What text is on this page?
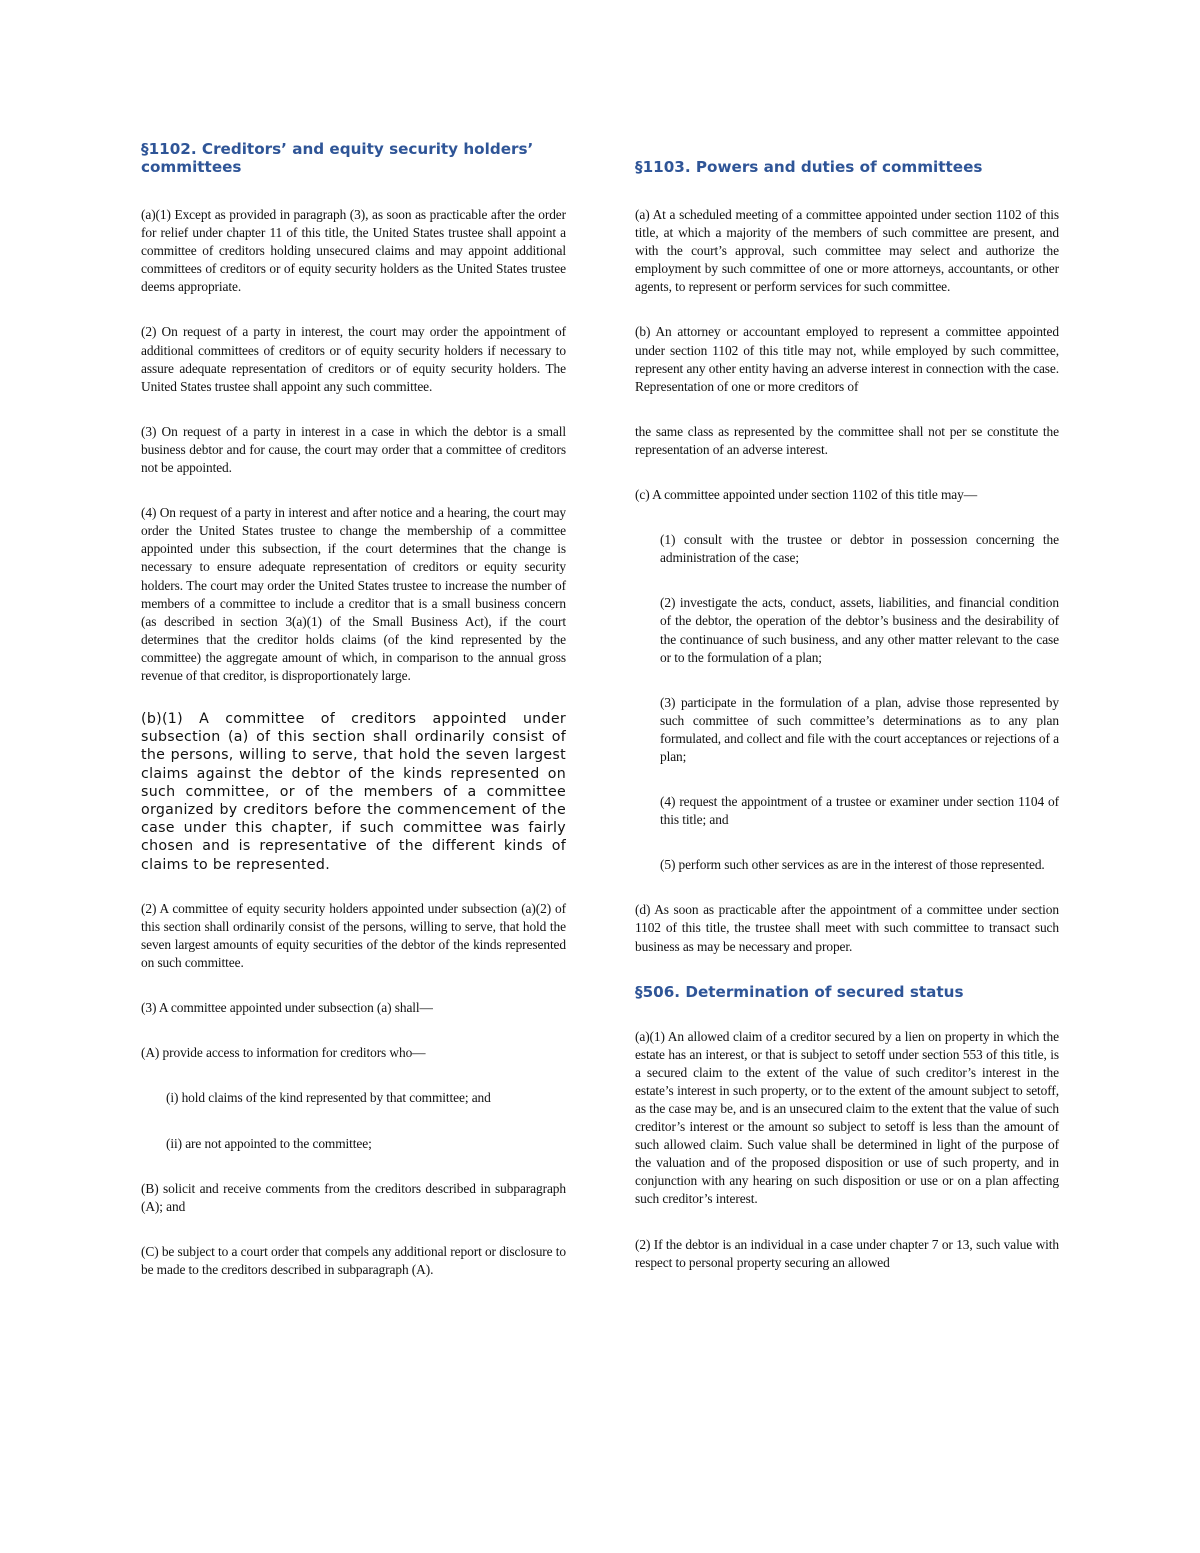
§1102. Creditors’ and equity security holders’ committees

(a)(1) Except as provided in paragraph (3), as soon as practicable after the order for relief under chapter 11 of this title, the United States trustee shall appoint a committee of creditors holding unsecured claims and may appoint additional committees of creditors or of equity security holders as the United States trustee deems appropriate.

(2) On request of a party in interest, the court may order the appointment of additional committees of creditors or of equity security holders if necessary to assure adequate representation of creditors or of equity security holders. The United States trustee shall appoint any such committee.

(3) On request of a party in interest in a case in which the debtor is a small business debtor and for cause, the court may order that a committee of creditors not be appointed.

(4) On request of a party in interest and after notice and a hearing, the court may order the United States trustee to change the membership of a committee appointed under this subsection, if the court determines that the change is necessary to ensure adequate representation of creditors or equity security holders. The court may order the United States trustee to increase the number of members of a committee to include a creditor that is a small business concern (as described in section 3(a)(1) of the Small Business Act), if the court determines that the creditor holds claims (of the kind represented by the committee) the aggregate amount of which, in comparison to the annual gross revenue of that creditor, is disproportionately large.

(b)(1) A committee of creditors appointed under subsection (a) of this section shall ordinarily consist of the persons, willing to serve, that hold the seven largest claims against the debtor of the kinds represented on such committee, or of the members of a committee organized by creditors before the commencement of the case under this chapter, if such committee was fairly chosen and is representative of the different kinds of claims to be represented.

(2) A committee of equity security holders appointed under subsection (a)(2) of this section shall ordinarily consist of the persons, willing to serve, that hold the seven largest amounts of equity securities of the debtor of the kinds represented on such committee.

(3) A committee appointed under subsection (a) shall—

(A) provide access to information for creditors who—

(i) hold claims of the kind represented by that committee; and

(ii) are not appointed to the committee;

(B) solicit and receive comments from the creditors described in subparagraph (A); and

(C) be subject to a court order that compels any additional report or disclosure to be made to the creditors described in subparagraph (A).

§1103. Powers and duties of committees

(a) At a scheduled meeting of a committee appointed under section 1102 of this title, at which a majority of the members of such committee are present, and with the court’s approval, such committee may select and authorize the employment by such committee of one or more attorneys, accountants, or other agents, to represent or perform services for such committee.

(b) An attorney or accountant employed to represent a committee appointed under section 1102 of this title may not, while employed by such committee, represent any other entity having an adverse interest in connection with the case. Representation of one or more creditors of

the same class as represented by the committee shall not per se constitute the representation of an adverse interest.

(c) A committee appointed under section 1102 of this title may—

(1) consult with the trustee or debtor in possession concerning the administration of the case;

(2) investigate the acts, conduct, assets, liabilities, and financial condition of the debtor, the operation of the debtor’s business and the desirability of the continuance of such business, and any other matter relevant to the case or to the formulation of a plan;

(3) participate in the formulation of a plan, advise those represented by such committee of such committee’s determinations as to any plan formulated, and collect and file with the court acceptances or rejections of a plan;

(4) request the appointment of a trustee or examiner under section 1104 of this title; and

(5) perform such other services as are in the interest of those represented.

(d) As soon as practicable after the appointment of a committee under section 1102 of this title, the trustee shall meet with such committee to transact such business as may be necessary and proper.

§506. Determination of secured status

(a)(1) An allowed claim of a creditor secured by a lien on property in which the estate has an interest, or that is subject to setoff under section 553 of this title, is a secured claim to the extent of the value of such creditor’s interest in the estate’s interest in such property, or to the extent of the amount subject to setoff, as the case may be, and is an unsecured claim to the extent that the value of such creditor’s interest or the amount so subject to setoff is less than the amount of such allowed claim. Such value shall be determined in light of the purpose of the valuation and of the proposed disposition or use of such property, and in conjunction with any hearing on such disposition or use or on a plan affecting such creditor’s interest.

(2) If the debtor is an individual in a case under chapter 7 or 13, such value with respect to personal property securing an allowed
